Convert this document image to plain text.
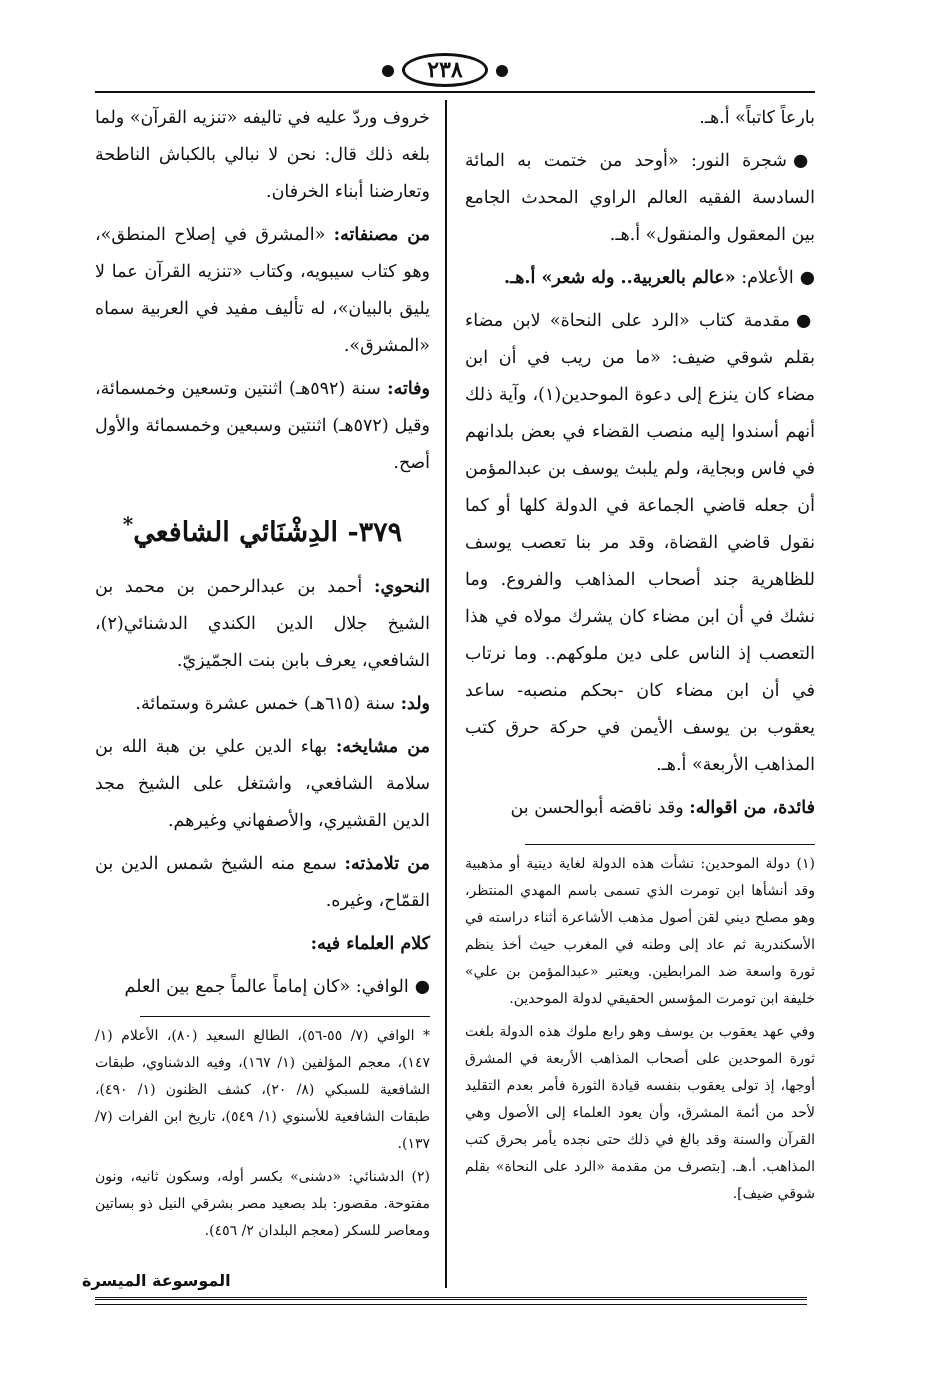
٢٣٨

بارعاً كاتباً» أ.هـ.

●شجرة النور: «أوحد من ختمت به المائة السادسة الفقيه العالم الراوي المحدث الجامع بين المعقول والمنقول» أ.هـ.

●الأعلام: «عالم بالعربية.. وله شعر» أ.هـ.

●مقدمة كتاب «الرد على النحاة» لابن مضاء بقلم شوقي ضيف: «ما من ريب في أن ابن مضاء كان ينزع إلى دعوة الموحدين(١)، وآية ذلك أنهم أسندوا إليه منصب القضاء في بعض بلدانهم في فاس وبجاية، ولم يلبث يوسف بن عبدالمؤمن أن جعله قاضي الجماعة في الدولة كلها أو كما نقول قاضي القضاة، وقد مر بنا تعصب يوسف للظاهرية جند أصحاب المذاهب والفروع. وما نشك في أن ابن مضاء كان يشرك مولاه في هذا التعصب إذ الناس على دين ملوكهم.. وما نرتاب في أن ابن مضاء كان -بحكم منصبه- ساعد يعقوب بن يوسف الأيمن في حركة حرق كتب المذاهب الأربعة» أ.هـ.

فائدة، من اقواله: وقد ناقضه أبوالحسن بن

(١) دولة الموحدين: نشأت هذه الدولة لغاية دينية أو مذهبية وقد أنشأها ابن تومرت الذي تسمى باسم المهدي المنتظر، وهو مصلح ديني لقن أصول مذهب الأشاعرة أثناء دراسته في الأسكندرية ثم عاد إلى وطنه في المغرب حيث أخذ ينظم ثورة واسعة ضد المرابطين. ويعتبر «عبدالمؤمن بن علي» خليفة ابن تومرت المؤسس الحقيقي لدولة الموحدين.

وفي عهد يعقوب بن يوسف وهو رابع ملوك هذه الدولة بلغت ثورة الموحدين على أصحاب المذاهب الأربعة في المشرق أوجها، إذ تولى يعقوب بنفسه قيادة الثورة فأمر بعدم التقليد لأحد من أئمة المشرق، وأن يعود العلماء إلى الأصول وهي القرآن والسنة وقد بالغ في ذلك حتى نجده يأمر بحرق كتب المذاهب. أ.هـ. [بتصرف من مقدمة «الرد على النحاة» بقلم شوقي ضيف].

خروف وردّ عليه في تاليفه «تنزيه القرآن» ولما بلغه ذلك قال: نحن لا نبالي بالكباش الناطحة وتعارضنا أبناء الخرفان.

من مصنفاته: «المشرق في إصلاح المنطق»، وهو كتاب سيبويه، وكتاب «تنزيه القرآن عما لا يليق بالبيان»، له تأليف مفيد في العربية سماه «المشرق».

وفاته: سنة (٥٩٢هـ) اثنتين وتسعين وخمسمائة، وقيل (٥٧٢هـ) اثنتين وسبعين وخمسمائة والأول أصح.

٣٧٩- الدِشْنَائي الشافعي*

النحوي: أحمد بن عبدالرحمن بن محمد بن الشيخ جلال الدين الكندي الدشنائي(٢)، الشافعي، يعرف بابن بنت الجمّيزيّ.

ولد: سنة (٦١٥هـ) خمس عشرة وستمائة.

من مشايخه: بهاء الدين علي بن هبة الله بن سلامة الشافعي، واشتغل على الشيخ مجد الدين القشيري، والأصفهاني وغيرهم.

من تلامذته: سمع منه الشيخ شمس الدين بن القمّاح، وغيره.

كلام العلماء فيه:

●الوافي: «كان إماماً عالماً جمع بين العلم

* الوافي (٧/ ٥٥-٥٦)، الطالع السعيد (٨٠)، الأعلام (١/ ١٤٧)، معجم المؤلفين (١/ ١٦٧)، وفيه الدشناوي، طبقات الشافعية للسبكي (٨/ ٢٠)، كشف الظنون (١/ ٤٩٠)، طبقات الشافعية للأسنوي (١/ ٥٤٩)، تاريخ ابن الفرات (٧/ ١٣٧).

(٢) الدشنائي: «دشنى» بكسر أوله، وسكون ثانيه، ونون مفتوحة. مقصور: بلد بصعيد مصر بشرقي النيل ذو بساتين ومعاصر للسكر (معجم البلدان ٢/ ٤٥٦).

الموسوعة الميسرة
